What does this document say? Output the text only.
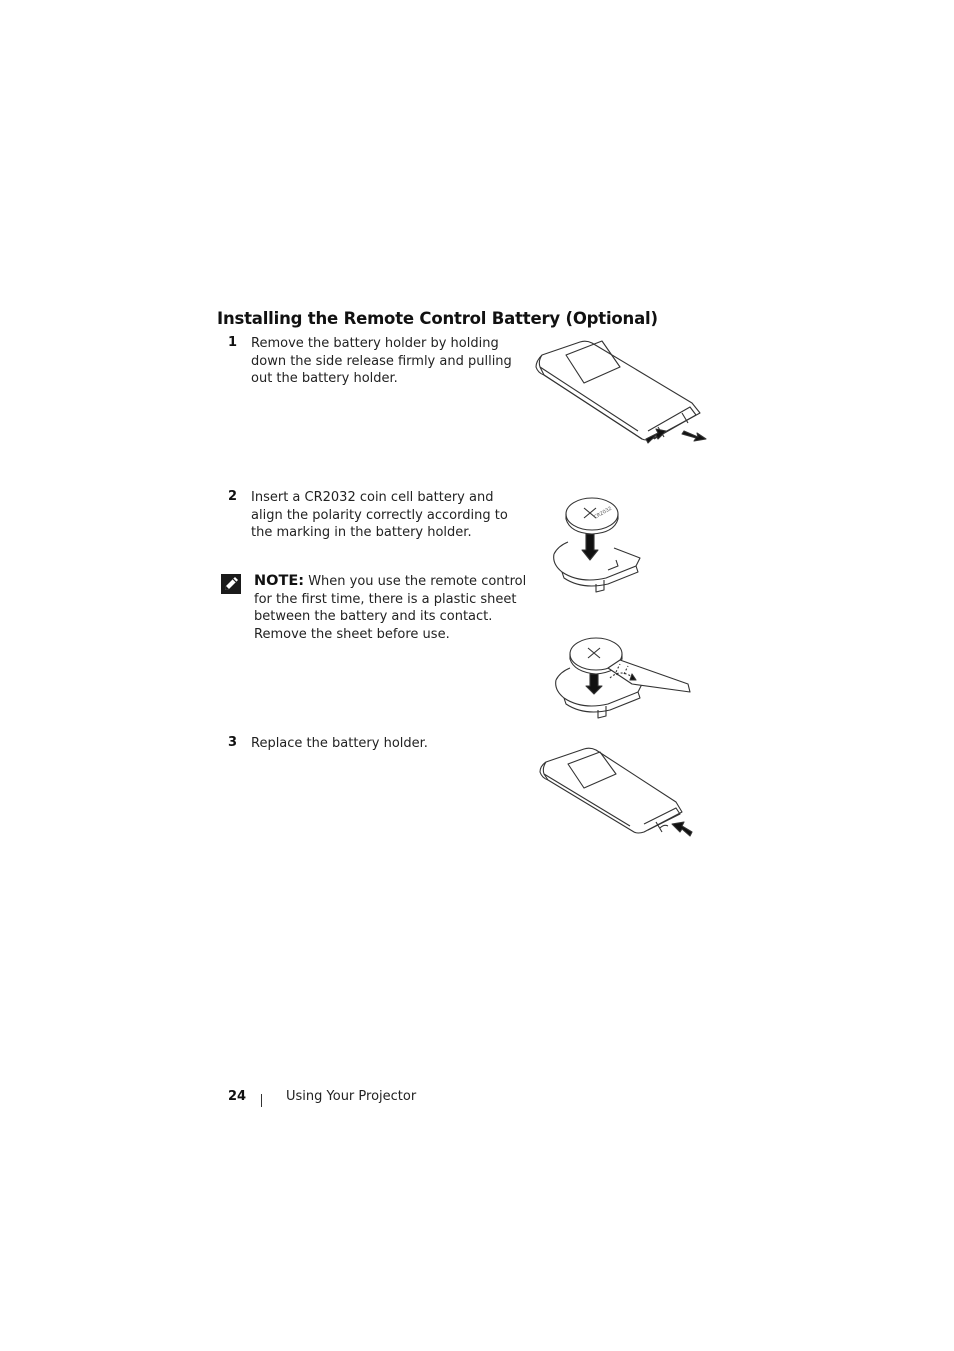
Installing the Remote Control Battery (Optional)
1 Remove the battery holder by holding down the side release firmly and pulling out the battery holder.
2 Insert a CR2032 coin cell battery and align the polarity correctly according to the marking in the battery holder.
CR2032
NOTE: When you use the remote control for the first time, there is a plastic sheet between the battery and its contact. Remove the sheet before use.
3 Replace the battery holder.
24	Using Your Projector
